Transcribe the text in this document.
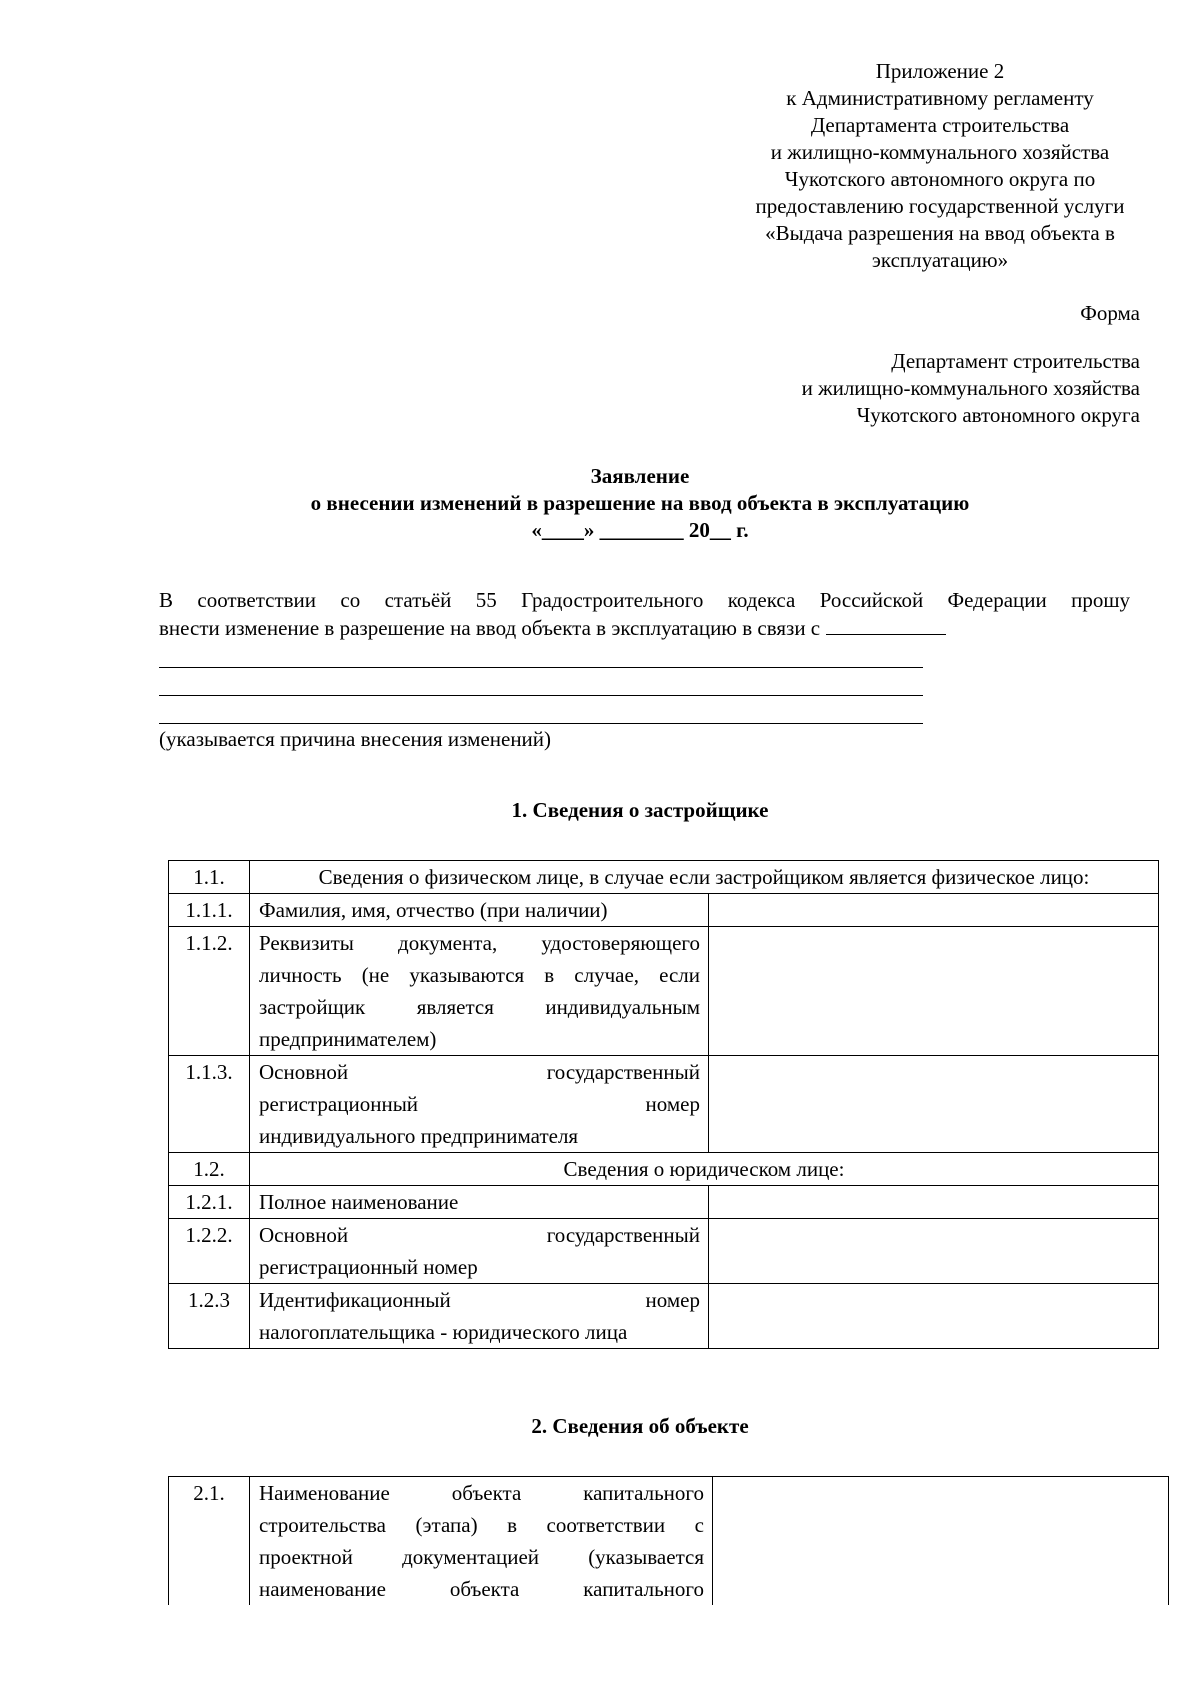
Приложение 2
к Административному регламенту
Департамента строительства
и жилищно-коммунального хозяйства
Чукотского автономного округа по
предоставлению государственной услуги
«Выдача разрешения на ввод объекта в
эксплуатацию»
Форма
Департамент строительства
и жилищно-коммунального хозяйства
Чукотского автономного округа
Заявление
о внесении изменений в разрешение на ввод объекта в эксплуатацию
«____» ________ 20__ г.
В соответствии со статьёй 55 Градостроительного кодекса Российской Федерации прошу
внести изменение в разрешение на ввод объекта в эксплуатацию в связи с
(указывается причина внесения изменений)
1. Сведения о застройщике
1.1.	Сведения о физическом лице, в случае если застройщиком является физическое лицо:	
1.1.1.	Фамилия, имя, отчество (при наличии)	
1.1.2.	Реквизиты документа, удостоверяющего
личность (не указываются в случае, если
застройщик является индивидуальным
предпринимателем)	

1.1.3.	Основной государственный
регистрационный номер
индивидуального предпринимателя	

1.2.	Сведения о юридическом лице:	
1.2.1.	Полное наименование	
1.2.2.	Основной государственный
регистрационный номер	

1.2.3	Идентификационный номер
налогоплательщика - юридического лица	

2. Сведения об объекте
2.1.	Наименование объекта капитального
строительства (этапа) в соответствии с
проектной документацией (указывается
наименование объекта капитального
